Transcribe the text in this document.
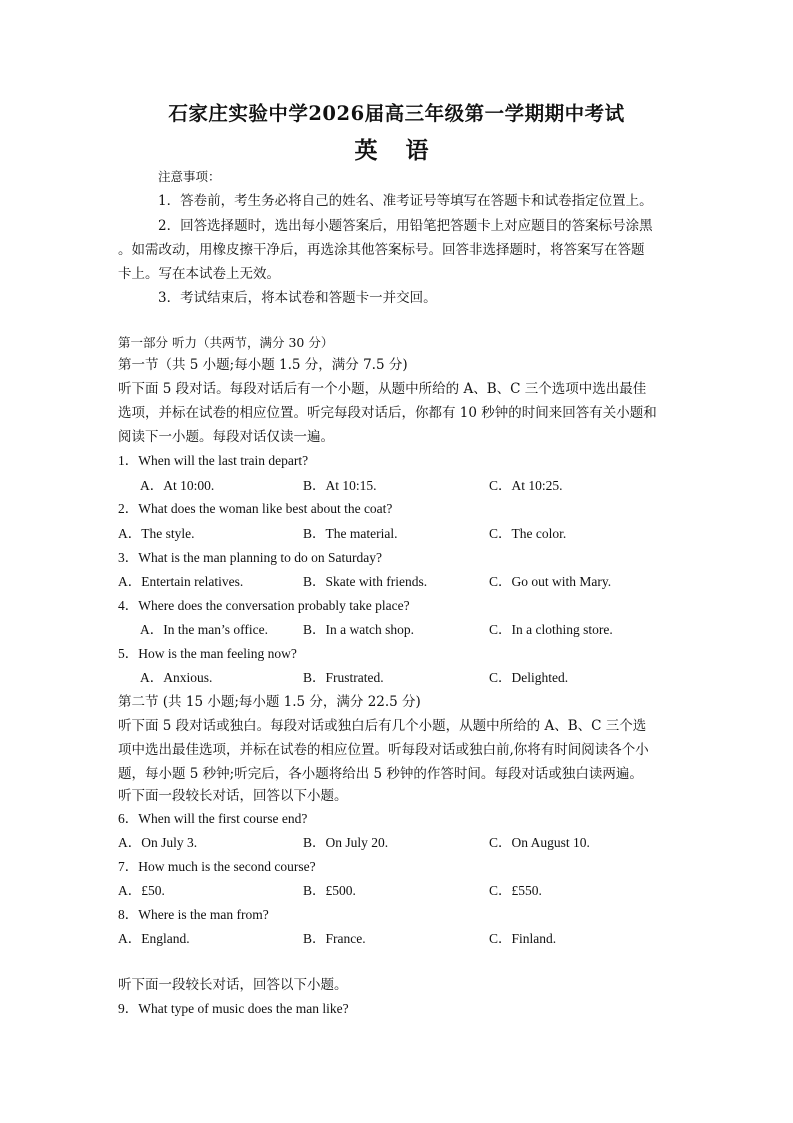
石家庄实验中学2026届高三年级第一学期期中考试
英 语
注意事项：
1．答卷前，考生务必将自己的姓名、准考证号等填写在答题卡和试卷指定位置上。
2．回答选择题时，选出每小题答案后，用铅笔把答题卡上对应题目的答案标号涂黑
。如需改动，用橡皮擦干净后，再选涂其他答案标号。回答非选择题时，将答案写在答题
卡上。写在本试卷上无效。
3．考试结束后，将本试卷和答题卡一并交回。
第一部分 听力（共两节，满分 30 分）
第一节（共 5 小题;每小题 1.5 分，满分 7.5 分)
听下面 5 段对话。每段对话后有一个小题，从题中所给的 A、B、C 三个选项中选出最佳
选项，并标在试卷的相应位置。听完每段对话后，你都有 10 秒钟的时间来回答有关小题和
阅读下一小题。每段对话仅读一遍。
1．When will the last train depart?
A．At 10:00.	B．At 10:15.	C．At 10:25.
2．What does the woman like best about the coat?
A．The style.	B．The material.	C．The color.
3．What is the man planning to do on Saturday?
A．Entertain relatives.	B．Skate with friends.	C．Go out with Mary.
4．Where does the conversation probably take place?
A．In the man’s office.	B．In a watch shop.	C．In a clothing store.
5．How is the man feeling now?
A．Anxious.	B．Frustrated.	C．Delighted.
第二节 (共 15 小题;每小题 1.5 分，满分 22.5 分)
听下面 5 段对话或独白。每段对话或独白后有几个小题，从题中所给的 A、B、C 三个选
项中选出最佳选项，并标在试卷的相应位置。听每段对话或独白前,你将有时间阅读各个小
题，每小题 5 秒钟;听完后，各小题将给出 5 秒钟的作答时间。每段对话或独白读两遍。
听下面一段较长对话，回答以下小题。
6．When will the first course end?
A．On July 3.	B．On July 20.	C．On August 10.
7．How much is the second course?
A．£50.	B．£500.	C．£550.
8．Where is the man from?
A．England.	B．France.	C．Finland.
听下面一段较长对话，回答以下小题。
9．What type of music does the man like?
